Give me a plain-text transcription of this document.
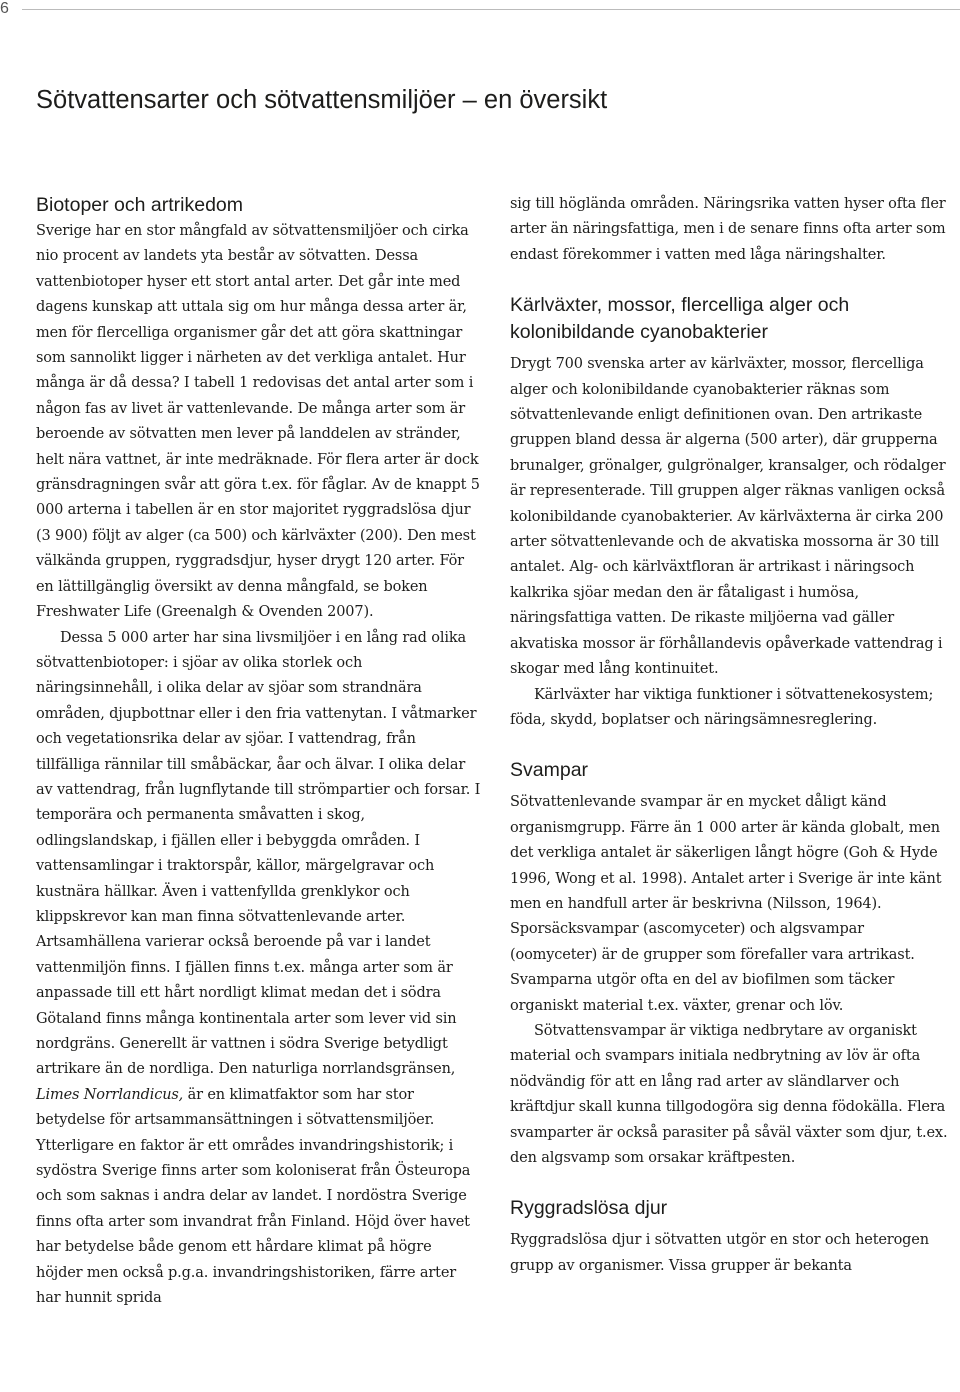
6
Sötvattensarter och sötvattensmiljöer – en översikt
Biotoper och artrikedom

Sverige har en stor mångfald av sötvattensmiljöer och cirka nio procent av landets yta består av sötvatten. Dessa vattenbiotoper hyser ett stort antal arter. Det går inte med dagens kunskap att uttala sig om hur många dessa arter är, men för flercelliga organismer går det att göra skattningar som sannolikt ligger i närheten av det verkliga antalet. Hur många är då dessa? I tabell 1 redovisas det antal arter som i någon fas av livet är vattenlevande. De många arter som är beroende av sötvatten men lever på landdelen av stränder, helt nära vattnet, är inte medräknade. För flera arter är dock gränsdragningen svår att göra t.ex. för fåglar. Av de knappt 5 000 arterna i tabellen är en stor majoritet ryggradslösa djur (3 900) följt av alger (ca 500) och kärlväxter (200). Den mest välkända gruppen, ryggradsdjur, hyser drygt 120 arter. För en lättillgänglig översikt av denna mångfald, se boken Freshwater Life (Greenalgh & Ovenden 2007).

Dessa 5 000 arter har sina livsmiljöer i en lång rad olika sötvattenbiotoper: i sjöar av olika storlek och näringsinnehåll, i olika delar av sjöar som strandnära områden, djupbottnar eller i den fria vattenytan. I våtmarker och vegetationsrika delar av sjöar. I vattendrag, från tillfälliga rännilar till småbäckar, åar och älvar. I olika delar av vattendrag, från lugnflytande till strömpartier och forsar. I temporära och permanenta småvatten i skog, odlingslandskap, i fjällen eller i bebyggda områden. I vattensamlingar i traktorspår, källor, märgelgravar och kustnära hällkar. Även i vattenfyllda grenklykor och klippskrevor kan man finna sötvattenlevande arter. Artsamhällena varierar också beroende på var i landet vattenmiljön finns. I fjällen finns t.ex. många arter som är anpassade till ett hårt nordligt klimat medan det i södra Götaland finns många kontinentala arter som lever vid sin nordgräns. Generellt är vattnen i södra Sverige betydligt artrikare än de nordliga. Den naturliga norrlandsgränsen, Limes Norrlandicus, är en klimatfaktor som har stor betydelse för artsammansättningen i sötvattensmiljöer. Ytterligare en faktor är ett områdes invandringshistorik; i sydöstra Sverige finns arter som koloniserat från Östeuropa och som saknas i andra delar av landet. I nordöstra Sverige finns ofta arter som invandrat från Finland. Höjd över havet har betydelse både genom ett hårdare klimat på högre höjder men också p.g.a. invandringshistoriken, färre arter har hunnit sprida

sig till högländа områden. Näringsrika vatten hyser ofta fler arter än näringsfattiga, men i de senare finns ofta arter som endast förekommer i vatten med låga näringshalter.

Kärlväxter, mossor, flercelliga alger och kolonibildande cyanobakterier

Drygt 700 svenska arter av kärlväxter, mossor, flercelliga alger och kolonibildande cyanobakterier räknas som sötvattenlevande enligt definitionen ovan. Den artrikaste gruppen bland dessa är algerna (500 arter), där grupperna brunalger, grönalger, gulgrönalger, kransalger, och rödalger är representerade. Till gruppen alger räknas vanligen också kolonibildande cyanobakterier. Av kärlväxterna är cirka 200 arter sötvattenlevande och de akvatiska mossorna är 30 till antalet. Alg- och kärlväxtfloran är artrikast i näringsoch kalkrika sjöar medan den är fåtaligast i humösa, näringsfattiga vatten. De rikaste miljöerna vad gäller akvatiska mossor är förhållandevis opåverkade vattendrag i skogar med lång kontinuitet.

Kärlväxter har viktiga funktioner i sötvattenekosystem; föda, skydd, boplatser och näringsämnesreglering.

Svampar

Sötvattenlevande svampar är en mycket dåligt känd organismgrupp. Färre än 1 000 arter är kända globalt, men det verkliga antalet är säkerligen långt högre (Goh & Hyde 1996, Wong et al. 1998). Antalet arter i Sverige är inte känt men en handfull arter är beskrivna (Nilsson, 1964). Sporsäcksvampar (ascomyceter) och algsvampar (oomyceter) är de grupper som förefaller vara artrikast. Svamparna utgör ofta en del av biofilmen som täcker organiskt material t.ex. växter, grenar och löv.

Sötvattensvampar är viktiga nedbrytare av organiskt material och svampars initiala nedbrytning av löv är ofta nödvändig för att en lång rad arter av sländlarver och kräftdjur skall kunna tillgodogöra sig denna födokälla. Flera svamparter är också parasiter på såväl växter som djur, t.ex. den algsvamp som orsakar kräftpesten.

Ryggradslösa djur

Ryggradslösa djur i sötvatten utgör en stor och heterogen grupp av organismer. Vissa grupper är bekanta
